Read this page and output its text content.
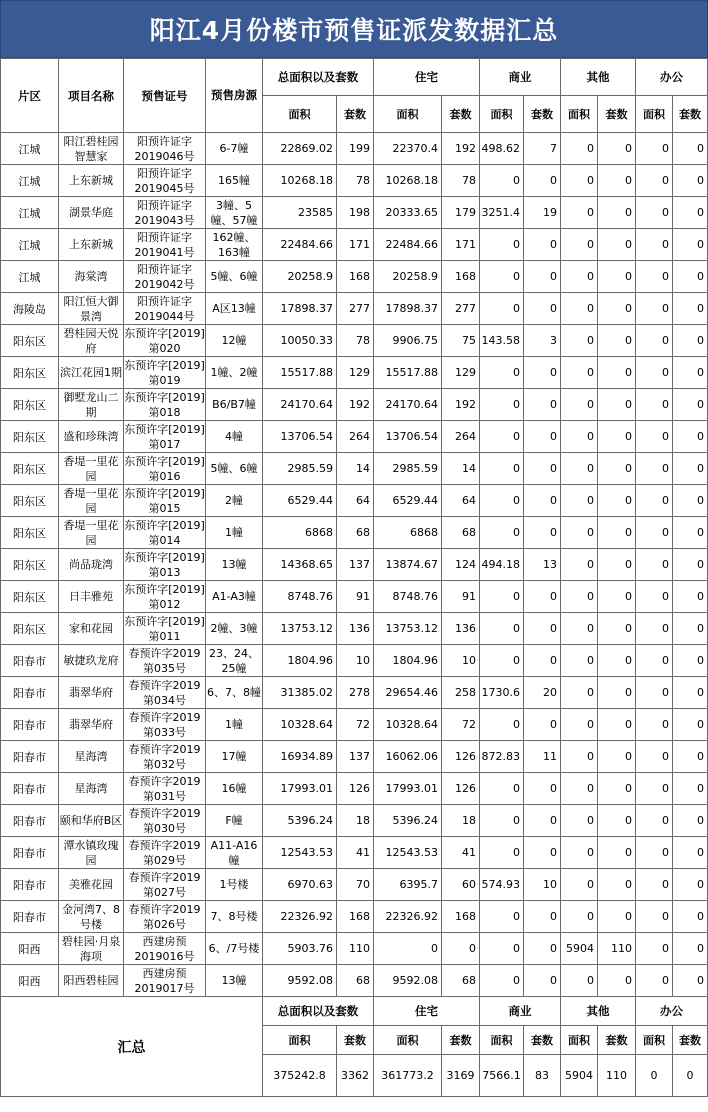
阳江4月份楼市预售证派发数据汇总
片区	项目名称	预售证号	预售房源	总面积以及套数		住宅		商业		其他		办公	
				面积	套数	面积	套数	面积	套数	面积	套数	面积	套数
江城	阳江碧桂园智慧家	阳预许证字2019046号	6-7幢	22869.02	199	22370.4	192	498.62	7	0	0	0	0
江城	上东新城	阳预许证字2019045号	165幢	10268.18	78	10268.18	78	0	0	0	0	0	0
江城	湖景华庭	阳预许证字2019043号	3幢、5幢、57幢	23585	198	20333.65	179	3251.4	19	0	0	0	0
江城	上东新城	阳预许证字2019041号	162幢、163幢	22484.66	171	22484.66	171	0	0	0	0	0	0
江城	海棠湾	阳预许证字2019042号	5幢、6幢	20258.9	168	20258.9	168	0	0	0	0	0	0
海陵岛	阳江恒大御景湾	阳预许证字2019044号	A区13幢	17898.37	277	17898.37	277	0	0	0	0	0	0
阳东区	碧桂园天悦府	东预许字[2019]第020	12幢	10050.33	78	9906.75	75	143.58	3	0	0	0	0
阳东区	滨江花园1期	东预许字[2019]第019	1幢、2幢	15517.88	129	15517.88	129	0	0	0	0	0	0
阳东区	御墅龙山二期	东预许字[2019]第018	B6/B7幢	24170.64	192	24170.64	192	0	0	0	0	0	0
阳东区	盛和珍珠湾	东预许字[2019]第017	4幢	13706.54	264	13706.54	264	0	0	0	0	0	0
阳东区	香堤一里花园	东预许字[2019]第016	5幢、6幢	2985.59	14	2985.59	14	0	0	0	0	0	0
阳东区	香堤一里花园	东预许字[2019]第015	2幢	6529.44	64	6529.44	64	0	0	0	0	0	0
阳东区	香堤一里花园	东预许字[2019]第014	1幢	6868	68	6868	68	0	0	0	0	0	0
阳东区	尚品珑湾	东预许字[2019]第013	13幢	14368.65	137	13874.67	124	494.18	13	0	0	0	0
阳东区	日丰雅苑	东预许字[2019]第012	A1-A3幢	8748.76	91	8748.76	91	0	0	0	0	0	0
阳东区	家和花园	东预许字[2019]第011	2幢、3幢	13753.12	136	13753.12	136	0	0	0	0	0	0
阳春市	敏捷玖龙府	春预许字2019第035号	23、24、25幢	1804.96	10	1804.96	10	0	0	0	0	0	0
阳春市	翡翠华府	春预许字2019第034号	6、7、8幢	31385.02	278	29654.46	258	1730.6	20	0	0	0	0
阳春市	翡翠华府	春预许字2019第033号	1幢	10328.64	72	10328.64	72	0	0	0	0	0	0
阳春市	星海湾	春预许字2019第032号	17幢	16934.89	137	16062.06	126	872.83	11	0	0	0	0
阳春市	星海湾	春预许字2019第031号	16幢	17993.01	126	17993.01	126	0	0	0	0	0	0
阳春市	颐和华府B区	春预许字2019第030号	F幢	5396.24	18	5396.24	18	0	0	0	0	0	0
阳春市	潭水镇玫瑰园	春预许字2019第029号	A11-A16幢	12543.53	41	12543.53	41	0	0	0	0	0	0
阳春市	美雅花园	春预许字2019第027号	1号楼	6970.63	70	6395.7	60	574.93	10	0	0	0	0
阳春市	金河湾7、8号楼	春预许字2019第026号	7、8号楼	22326.92	168	22326.92	168	0	0	0	0	0	0
阳西	碧桂园·月泉海项	西建房预2019016号	6、/7号楼	5903.76	110	0	0	0	0	5904	110	0	0
阳西	阳西碧桂园	西建房预2019017号	13幢	9592.08	68	9592.08	68	0	0	0	0	0	0
汇总				总面积以及套数		住宅		商业		其他		办公	
				面积	套数	面积	套数	面积	套数	面积	套数	面积	套数
				375242.8	3362	361773.2	3169	7566.1	83	5904	110	0	0
